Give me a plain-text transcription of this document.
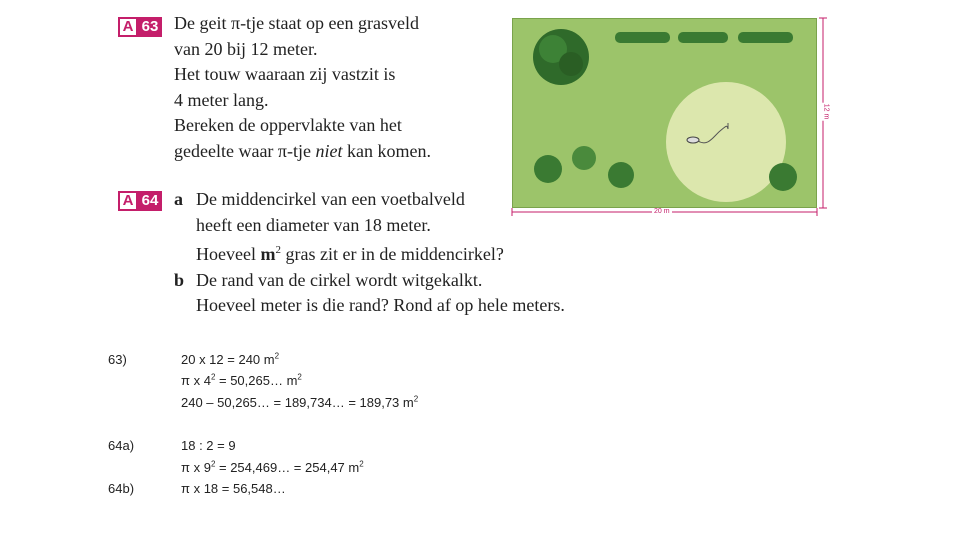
A 63 De geit π-tje staat op een grasveld
van 20 bij 12 meter.
Het touw waaraan zij vastzit is
4 meter lang.
Bereken de oppervlakte van het
gedeelte waar π-tje niet kan komen.
A 64 a De middencirkel van een voetbalveld
heeft een diameter van 18 meter.
Hoeveel $m^2$ gras zit er in de middencirkel?
b De rand van de cirkel wordt witgekalkt.
Hoeveel meter is die rand? Rond af op hele meters.
12 m
20 m
63)	20 x 12 = 240 $m^2$
π x $4^2$ = 50,265… $m^2$
240 – 50,265… = 189,734… = 189,73 $m^2$
64a)	18 : 2 = 9
π x $9^2$ = 254,469… = 254,47 $m^2$
64b)	π x 18 = 56,548…
